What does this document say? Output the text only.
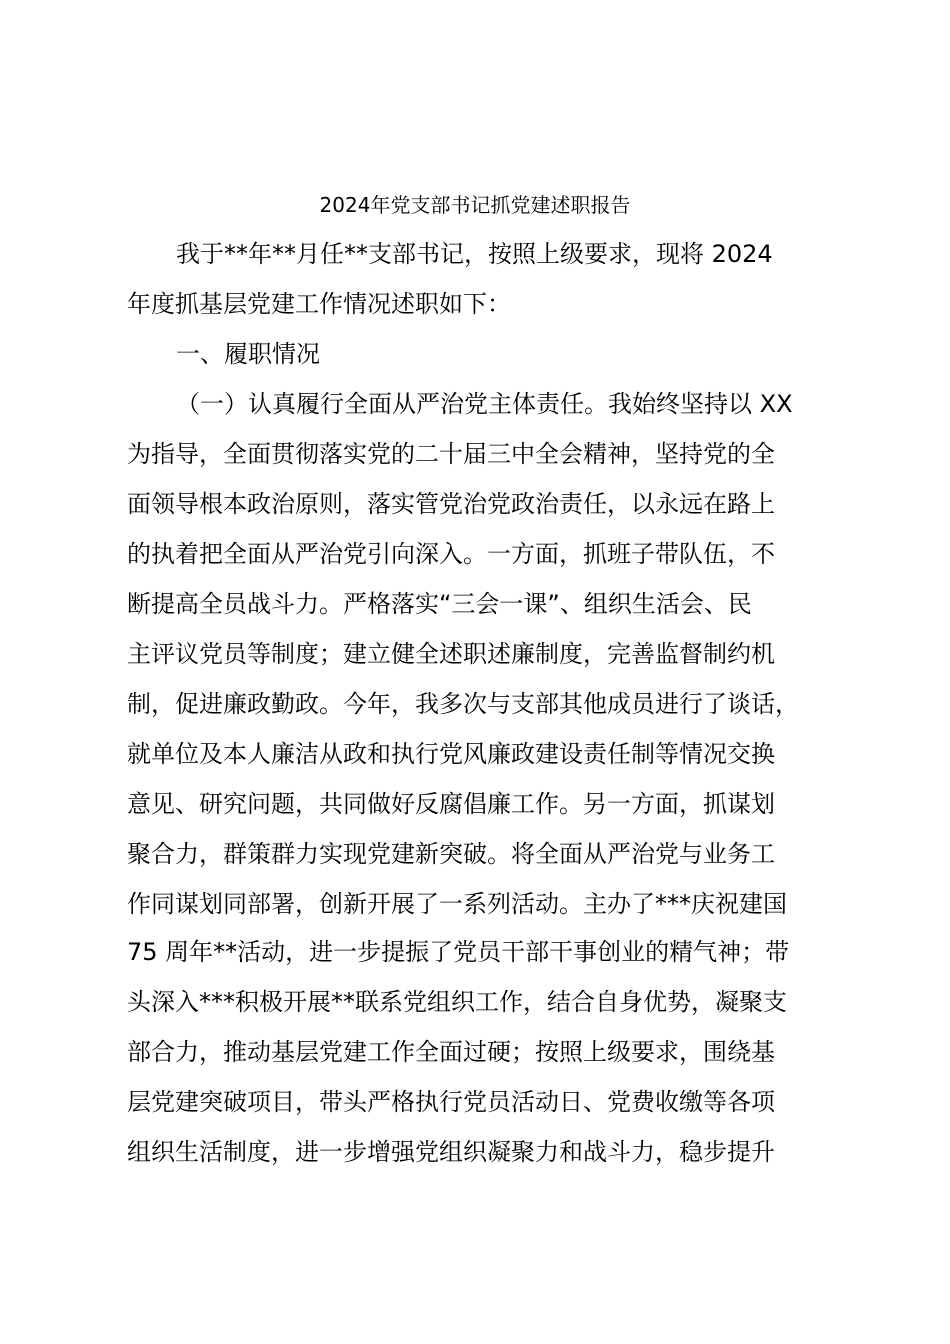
2024年党支部书记抓党建述职报告

我于**年**月任**支部书记，按照上级要求，现将 2024

年度抓基层党建工作情况述职如下：

一、履职情况

（一）认真履行全面从严治党主体责任。我始终坚持以 XX

为指导，全面贯彻落实党的二十届三中全会精神，坚持党的全

面领导根本政治原则，落实管党治党政治责任，以永远在路上

的执着把全面从严治党引向深入。一方面，抓班子带队伍，不

断提高全员战斗力。严格落实“三会一课”、组织生活会、民

主评议党员等制度；建立健全述职述廉制度，完善监督制约机

制，促进廉政勤政。今年，我多次与支部其他成员进行了谈话，

就单位及本人廉洁从政和执行党风廉政建设责任制等情况交换

意见、研究问题，共同做好反腐倡廉工作。另一方面，抓谋划

聚合力，群策群力实现党建新突破。将全面从严治党与业务工

作同谋划同部署，创新开展了一系列活动。主办了***庆祝建国

75 周年**活动，进一步提振了党员干部干事创业的精气神；带

头深入***积极开展**联系党组织工作，结合自身优势，凝聚支

部合力，推动基层党建工作全面过硬；按照上级要求，围绕基

层党建突破项目，带头严格执行党员活动日、党费收缴等各项

组织生活制度，进一步增强党组织凝聚力和战斗力，稳步提升
